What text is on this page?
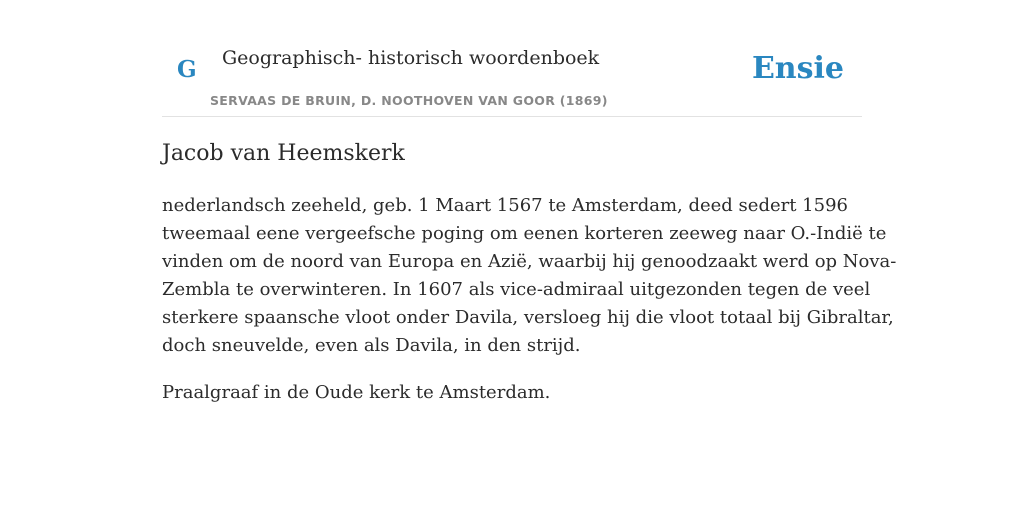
G Geographisch- historisch woordenboek
SERVAAS DE BRUIN, D. NOOTHOVEN VAN GOOR (1869)
Ensie
Jacob van Heemskerk

nederlandsch zeeheld, geb. 1 Maart 1567 te Amsterdam, deed sedert 1596
tweemaal eene vergeefsche poging om eenen korteren zeeweg naar O.-Indië te
vinden om de noord van Europa en Azië, waarbij hij genoodzaakt werd op Nova-
Zembla te overwinteren. In 1607 als vice-admiraal uitgezonden tegen de veel
sterkere spaansche vloot onder Davila, versloeg hij die vloot totaal bij Gibraltar,
doch sneuvelde, even als Davila, in den strijd.

Praalgraaf in de Oude kerk te Amsterdam.
